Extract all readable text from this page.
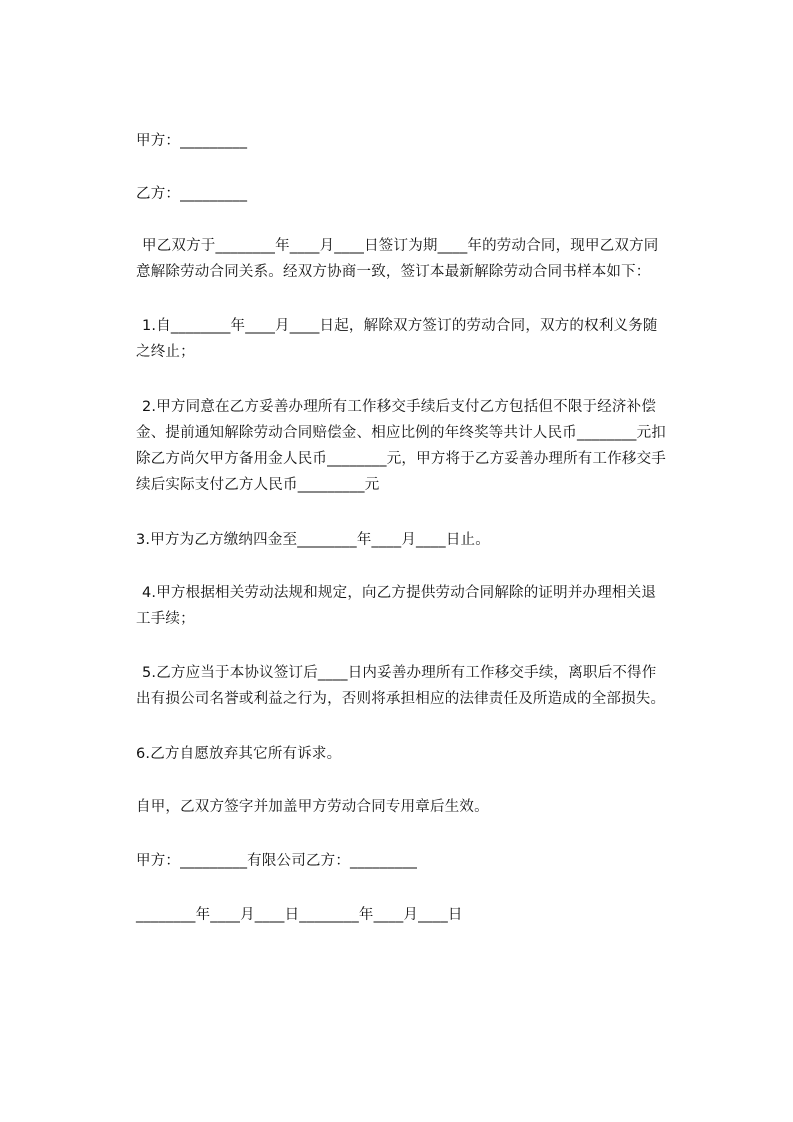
甲方：_________
乙方：_________
甲乙双方于________年____月____日签订为期____年的劳动合同，现甲乙双方同
意解除劳动合同关系。经双方协商一致，签订本最新解除劳动合同书样本如下：
1.自________年____月____日起，解除双方签订的劳动合同，双方的权利义务随
之终止；
2.甲方同意在乙方妥善办理所有工作移交手续后支付乙方包括但不限于经济补偿
金、提前通知解除劳动合同赔偿金、相应比例的年终奖等共计人民币________元扣
除乙方尚欠甲方备用金人民币________元，甲方将于乙方妥善办理所有工作移交手
续后实际支付乙方人民币_________元
3.甲方为乙方缴纳四金至________年____月____日止。
4.甲方根据相关劳动法规和规定，向乙方提供劳动合同解除的证明并办理相关退
工手续；
5.乙方应当于本协议签订后____日内妥善办理所有工作移交手续，离职后不得作
出有损公司名誉或利益之行为，否则将承担相应的法律责任及所造成的全部损失。
6.乙方自愿放弃其它所有诉求。
自甲，乙双方签字并加盖甲方劳动合同专用章后生效。
甲方：_________有限公司乙方：_________
________年____月____日________年____月____日
